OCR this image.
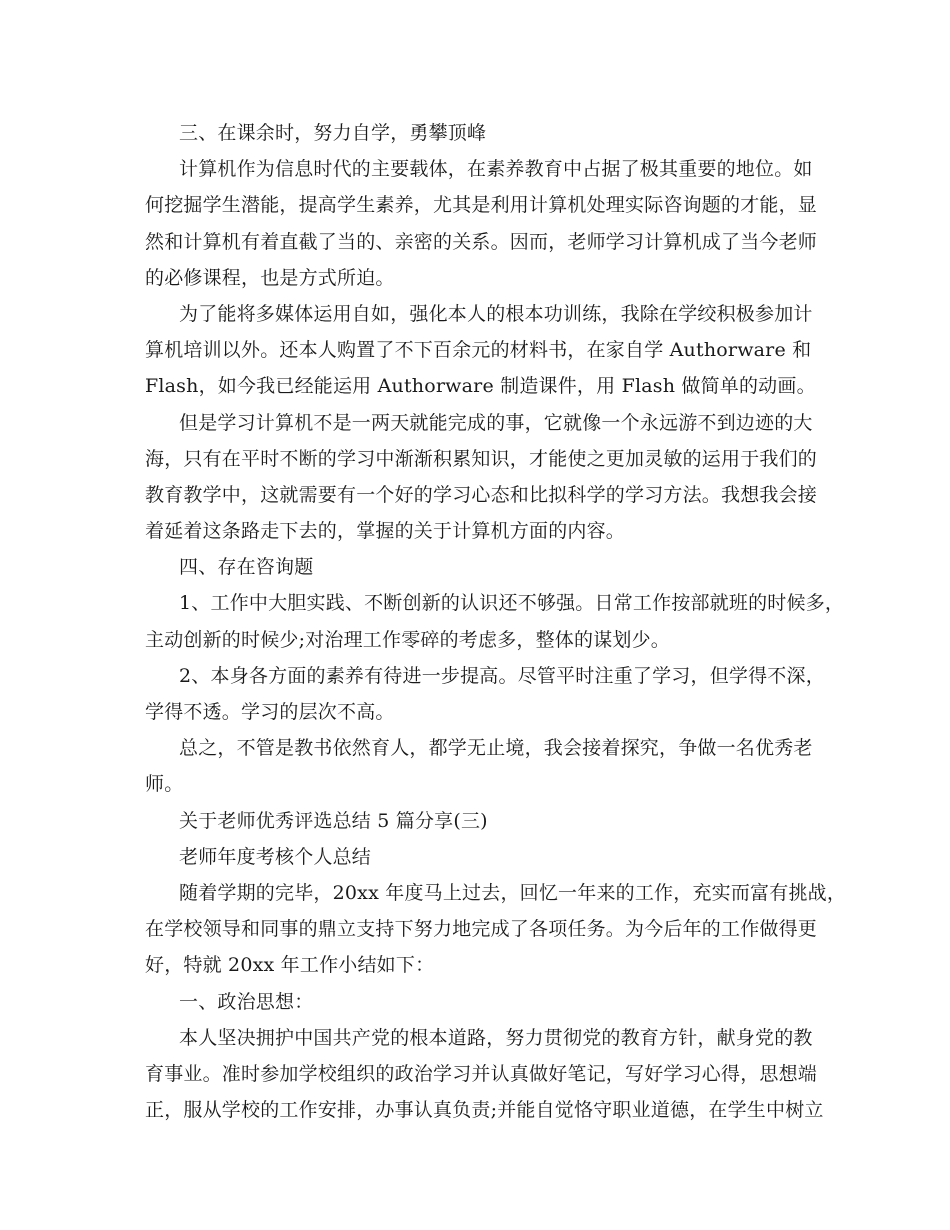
三、在课余时，努力自学，勇攀顶峰
计算机作为信息时代的主要载体，在素养教育中占据了极其重要的地位。如
何挖掘学生潜能，提高学生素养，尤其是利用计算机处理实际咨询题的才能，显
然和计算机有着直截了当的、亲密的关系。因而，老师学习计算机成了当今老师
的必修课程，也是方式所迫。
为了能将多媒体运用自如，强化本人的根本功训练，我除在学绞积极参加计
算机培训以外。还本人购置了不下百余元的材料书，在家自学 Authorware 和
Flash，如今我已经能运用 Authorware 制造课件，用 Flash 做简单的动画。
但是学习计算机不是一两天就能完成的事，它就像一个永远游不到边迹的大
海，只有在平时不断的学习中渐渐积累知识，才能使之更加灵敏的运用于我们的
教育教学中，这就需要有一个好的学习心态和比拟科学的学习方法。我想我会接
着延着这条路走下去的，掌握的关于计算机方面的内容。
四、存在咨询题
1、工作中大胆实践、不断创新的认识还不够强。日常工作按部就班的时候多，
主动创新的时候少;对治理工作零碎的考虑多，整体的谋划少。
2、本身各方面的素养有待进一步提高。尽管平时注重了学习，但学得不深，
学得不透。学习的层次不高。
总之，不管是教书依然育人，都学无止境，我会接着探究，争做一名优秀老
师。
关于老师优秀评选总结 5 篇分享(三)
老师年度考核个人总结
随着学期的完毕，20xx 年度马上过去，回忆一年来的工作，充实而富有挑战，
在学校领导和同事的鼎立支持下努力地完成了各项任务。为今后年的工作做得更
好，特就 20xx 年工作小结如下：
一、政治思想：
本人坚决拥护中国共产党的根本道路，努力贯彻党的教育方针，献身党的教
育事业。准时参加学校组织的政治学习并认真做好笔记，写好学习心得，思想端
正，服从学校的工作安排，办事认真负责;并能自觉恪守职业道德，在学生中树立
